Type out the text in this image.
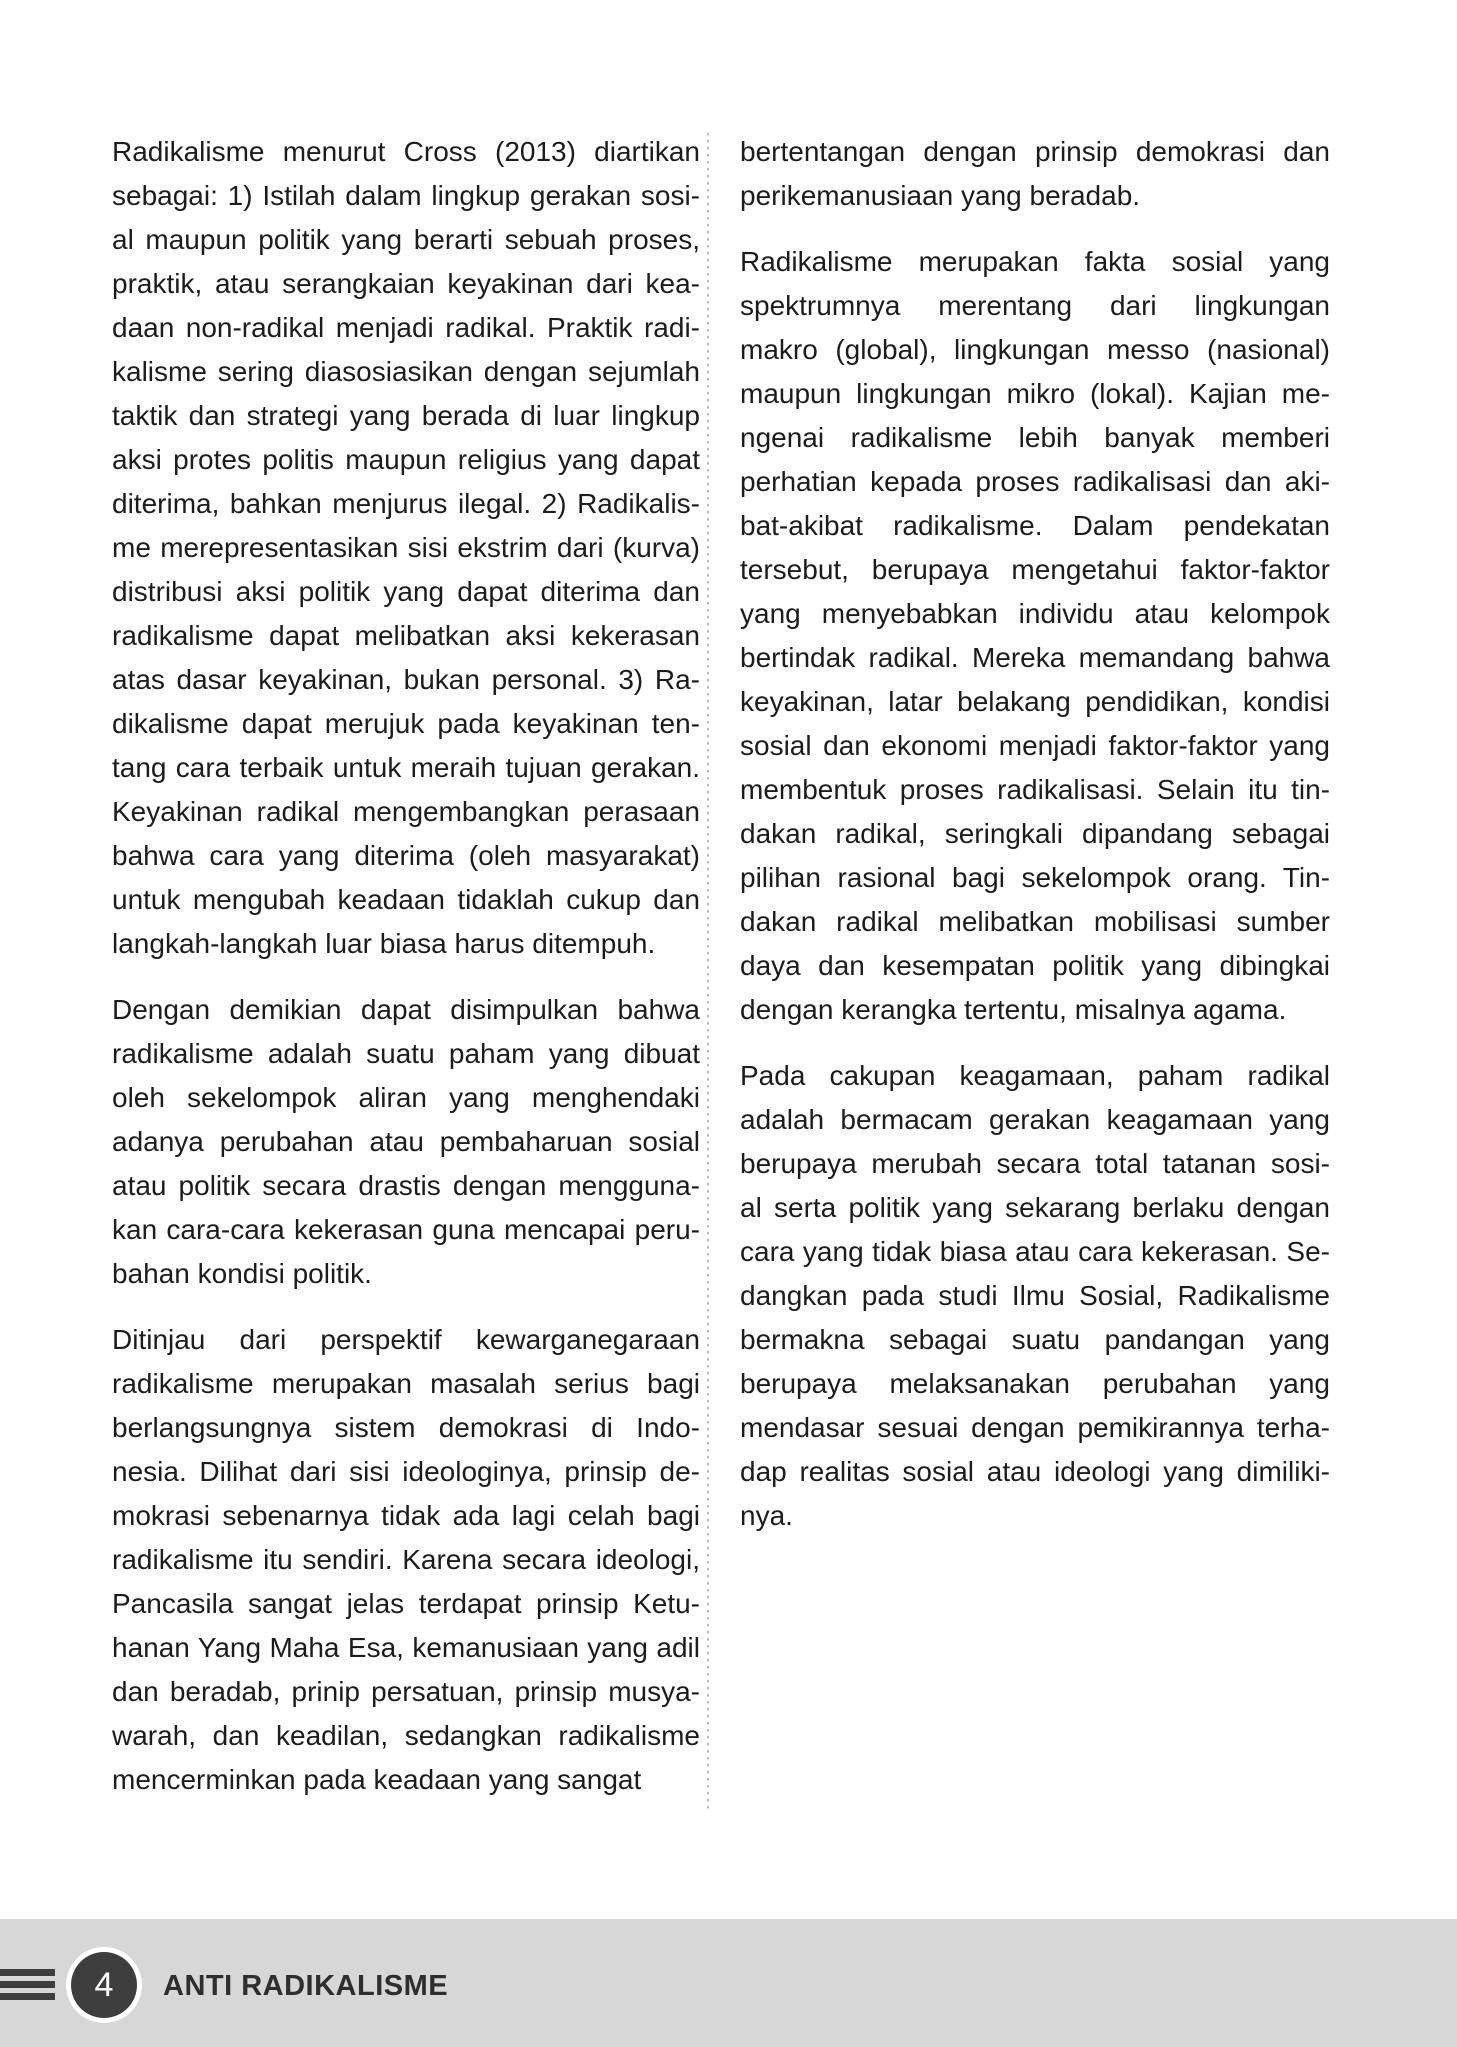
Radikalisme menurut Cross (2013) diartikan
sebagai: 1) Istilah dalam lingkup gerakan sosi-
al maupun politik yang berarti sebuah proses,
praktik, atau serangkaian keyakinan dari kea-
daan non-radikal menjadi radikal. Praktik radi-
kalisme sering diasosiasikan dengan sejumlah
taktik dan strategi yang berada di luar lingkup
aksi protes politis maupun religius yang dapat
diterima, bahkan menjurus ilegal. 2) Radikalis-
me merepresentasikan sisi ekstrim dari (kurva)
distribusi aksi politik yang dapat diterima dan
radikalisme dapat melibatkan aksi kekerasan
atas dasar keyakinan, bukan personal. 3) Ra-
dikalisme dapat merujuk pada keyakinan ten-
tang cara terbaik untuk meraih tujuan gerakan.
Keyakinan radikal mengembangkan perasaan
bahwa cara yang diterima (oleh masyarakat)
untuk mengubah keadaan tidaklah cukup dan
langkah-langkah luar biasa harus ditempuh.
Dengan demikian dapat disimpulkan bahwa
radikalisme adalah suatu paham yang dibuat
oleh sekelompok aliran yang menghendaki
adanya perubahan atau pembaharuan sosial
atau politik secara drastis dengan mengguna-
kan cara-cara kekerasan guna mencapai peru-
bahan kondisi politik.
Ditinjau dari perspektif kewarganegaraan
radikalisme merupakan masalah serius bagi
berlangsungnya sistem demokrasi di Indo-
nesia. Dilihat dari sisi ideologinya, prinsip de-
mokrasi sebenarnya tidak ada lagi celah bagi
radikalisme itu sendiri. Karena secara ideologi,
Pancasila sangat jelas terdapat prinsip Ketu-
hanan Yang Maha Esa, kemanusiaan yang adil
dan beradab, prinip persatuan, prinsip musya-
warah, dan keadilan, sedangkan radikalisme
mencerminkan pada keadaan yang sangat
bertentangan dengan prinsip demokrasi dan
perikemanusiaan yang beradab.
Radikalisme merupakan fakta sosial yang
spektrumnya merentang dari lingkungan
makro (global), lingkungan messo (nasional)
maupun lingkungan mikro (lokal). Kajian me-
ngenai radikalisme lebih banyak memberi
perhatian kepada proses radikalisasi dan aki-
bat-akibat radikalisme. Dalam pendekatan
tersebut, berupaya mengetahui faktor-faktor
yang menyebabkan individu atau kelompok
bertindak radikal. Mereka memandang bahwa
keyakinan, latar belakang pendidikan, kondisi
sosial dan ekonomi menjadi faktor-faktor yang
membentuk proses radikalisasi. Selain itu tin-
dakan radikal, seringkali dipandang sebagai
pilihan rasional bagi sekelompok orang. Tin-
dakan radikal melibatkan mobilisasi sumber
daya dan kesempatan politik yang dibingkai
dengan kerangka tertentu, misalnya agama.
Pada cakupan keagamaan, paham radikal
adalah bermacam gerakan keagamaan yang
berupaya merubah secara total tatanan sosi-
al serta politik yang sekarang berlaku dengan
cara yang tidak biasa atau cara kekerasan. Se-
dangkan pada studi Ilmu Sosial, Radikalisme
bermakna sebagai suatu pandangan yang
berupaya melaksanakan perubahan yang
mendasar sesuai dengan pemikirannya terha-
dap realitas sosial atau ideologi yang dimiliki-
nya.
4 ANTI RADIKALISME
